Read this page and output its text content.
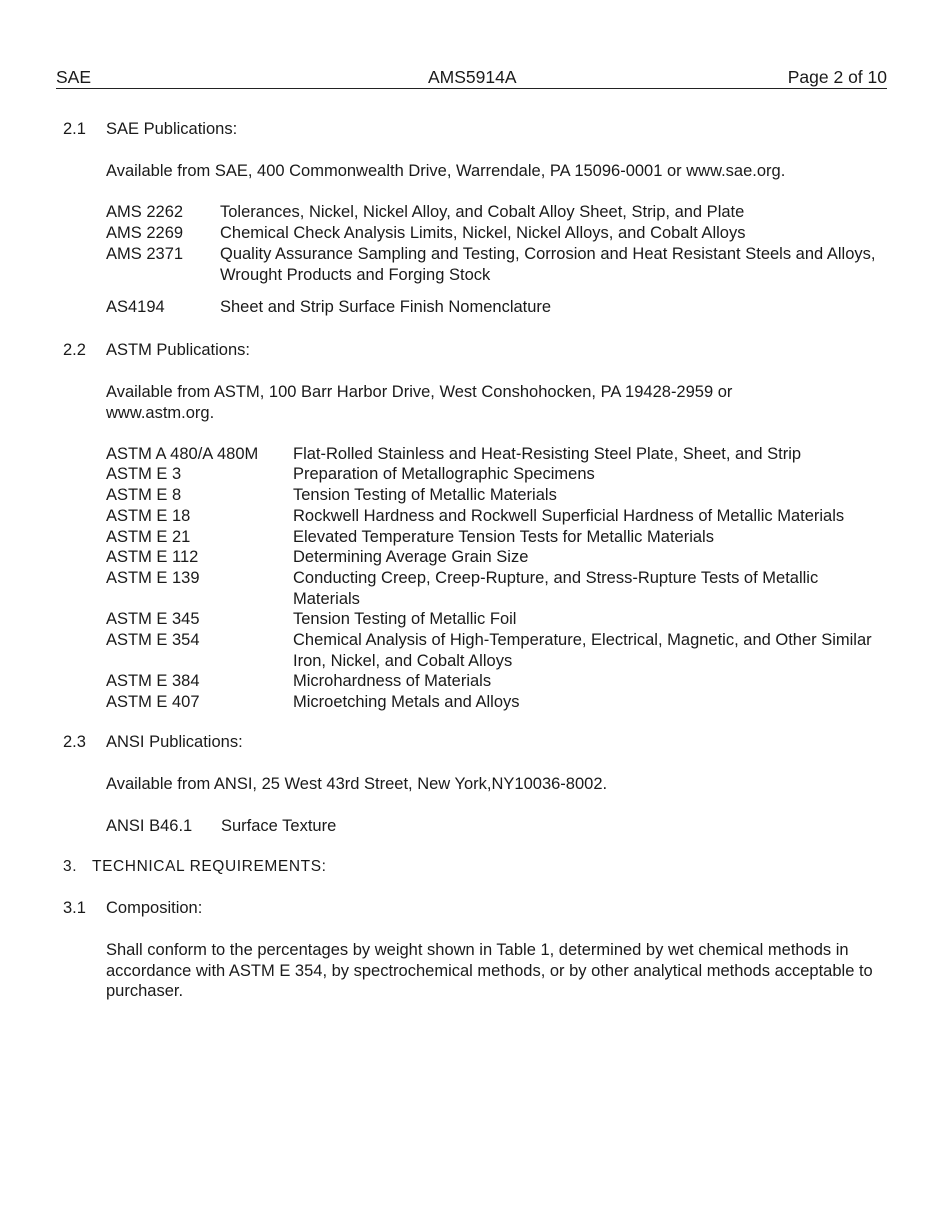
SAE	AMS5914A	Page 2 of 10
2.1 SAE Publications:
Available from SAE, 400 Commonwealth Drive, Warrendale, PA 15096-0001 or www.sae.org.
AMS 2262 Tolerances, Nickel, Nickel Alloy, and Cobalt Alloy Sheet, Strip, and Plate
AMS 2269 Chemical Check Analysis Limits, Nickel, Nickel Alloys, and Cobalt Alloys
AMS 2371 Quality Assurance Sampling and Testing, Corrosion and Heat Resistant Steels and Alloys, Wrought Products and Forging Stock
AS4194	Sheet and Strip Surface Finish Nomenclature
2.2 ASTM Publications:
Available from ASTM, 100 Barr Harbor Drive, West Conshohocken, PA 19428-2959 or www.astm.org.
ASTM A 480/A 480M Flat-Rolled Stainless and Heat-Resisting Steel Plate, Sheet, and Strip
ASTM E 3	Preparation of Metallographic Specimens
ASTM E 8	Tension Testing of Metallic Materials
ASTM E 18	Rockwell Hardness and Rockwell Superficial Hardness of Metallic Materials
ASTM E 21	Elevated Temperature Tension Tests for Metallic Materials
ASTM E 112	Determining Average Grain Size
ASTM E 139	Conducting Creep, Creep-Rupture, and Stress-Rupture Tests of Metallic Materials
ASTM E 345	Tension Testing of Metallic Foil
ASTM E 354	Chemical Analysis of High-Temperature, Electrical, Magnetic, and Other Similar Iron, Nickel, and Cobalt Alloys
ASTM E 384	Microhardness of Materials
ASTM E 407	Microetching Metals and Alloys
2.3 ANSI Publications:
Available from ANSI, 25 West 43rd Street, New York,NY10036-8002.
ANSI B46.1 Surface Texture
3. TECHNICAL REQUIREMENTS:
3.1 Composition:
Shall conform to the percentages by weight shown in Table 1, determined by wet chemical methods in accordance with ASTM E 354, by spectrochemical methods, or by other analytical methods acceptable to purchaser.
